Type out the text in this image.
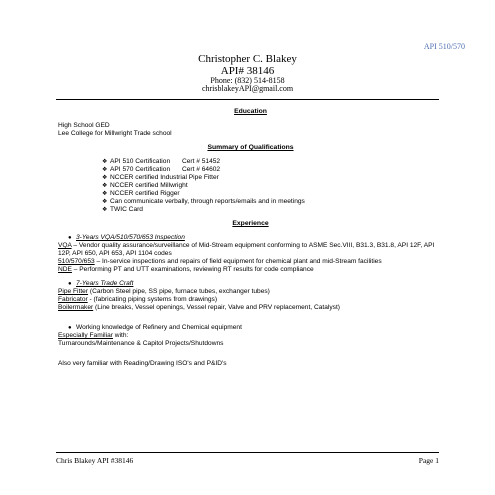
API 510/570
Christopher C. Blakey
API# 38146
Phone: (832) 514-8158
chrisblakeyAPI@gmail.com
Education
High School GED
Lee College for Millwright Trade school
Summary of Qualifications
❖ API 510 Certification Cert # 51452
❖ API 570 Certification Cert # 64602
❖ NCCER certified Industrial Pipe Fitter
❖ NCCER certified Millwright
❖ NCCER certified Rigger
❖ Can communicate verbally, through reports/emails and in meetings
❖ TWIC Card
Experience
● 3-Years VQA/510/570/653 Inspection
VQA – Vendor quality assurance/surveillance of Mid-Stream equipment conforming to ASME Sec.VIII, B31.3, B31.8, API 12F, API 12P, API 650, API 653, API 1104 codes
510/570/653 – In-service inspections and repairs of field equipment for chemical plant and mid-Stream facilities
NDE – Performing PT and UTT examinations, reviewing RT results for code compliance
● 7-Years Trade Craft
Pipe Fitter (Carbon Steel pipe, SS pipe, furnace tubes, exchanger tubes)
Fabricator - (fabricating piping systems from drawings)
Boilermaker (Line breaks, Vessel openings, Vessel repair, Valve and PRV replacement, Catalyst)
● Working knowledge of Refinery and Chemical equipment
Especially Familiar with:
Turnarounds/Maintenance & Capitol Projects/Shutdowns
Also very familiar with Reading/Drawing ISO's and P&ID's
Chris Blakey API #38146	Page 1
